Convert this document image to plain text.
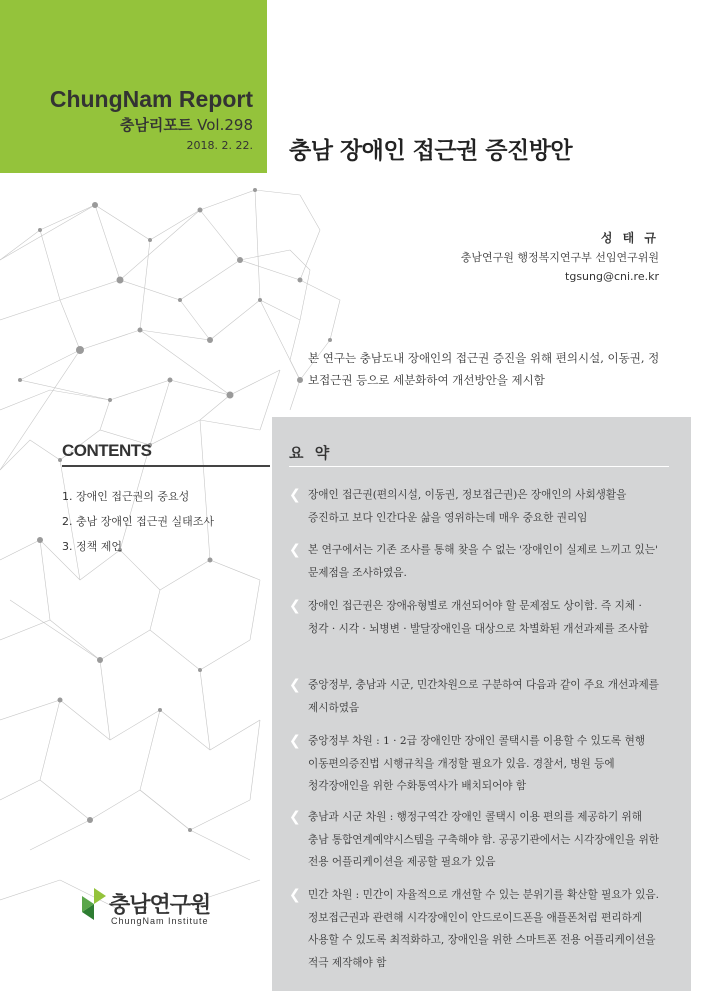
ChungNam Report
충남리포트 Vol.298
2018. 2. 22. 충남 장애인 접근권 증진방안
성 태 규
충남연구원 행정복지연구부 선임연구위원
tgsung@cni.re.kr
본 연구는 충남도내 장애인의 접근권 증진을 위해 편의시설, 이동권, 정보접근권 등으로 세분화하여 개선방안을 제시함
CONTENTS
1. 장애인 접근권의 중요성
2. 충남 장애인 접근권 실태조사
3. 정책 제언
요 약
❮ 장애인 접근권(편의시설, 이동권, 정보접근권)은 장애인의 사회생활을 증진하고 보다 인간다운 삶을 영위하는데 매우 중요한 권리임
❮ 본 연구에서는 기존 조사를 통해 찾을 수 없는 '장애인이 실제로 느끼고 있는' 문제점을 조사하였음.
❮ 장애인 접근권은 장애유형별로 개선되어야 할 문제점도 상이함. 즉 지체 · 청각 · 시각 · 뇌병변 · 발달장애인을 대상으로 차별화된 개선과제를 조사함
❮ 중앙정부, 충남과 시군, 민간차원으로 구분하여 다음과 같이 주요 개선과제를 제시하였음
❮ 중앙정부 차원 : 1 · 2급 장애인만 장애인 콜택시를 이용할 수 있도록 현행 이동편의증진법 시행규칙을 개정할 필요가 있음. 경찰서, 병원 등에 청각장애인을 위한 수화통역사가 배치되어야 함
❮ 충남과 시군 차원 : 행정구역간 장애인 콜택시 이용 편의를 제공하기 위해 충남 통합연계예약시스템을 구축해야 함. 공공기관에서는 시각장애인을 위한 전용 어플리케이션을 제공할 필요가 있음
❮ 민간 차원 : 민간이 자율적으로 개선할 수 있는 분위기를 확산할 필요가 있음. 정보접근권과 관련해 시각장애인이 안드로이드폰을 애플폰처럼 편리하게 사용할 수 있도록 최적화하고, 장애인을 위한 스마트폰 전용 어플리케이션을 적극 제작해야 함
충남연구원
ChungNam Institute
